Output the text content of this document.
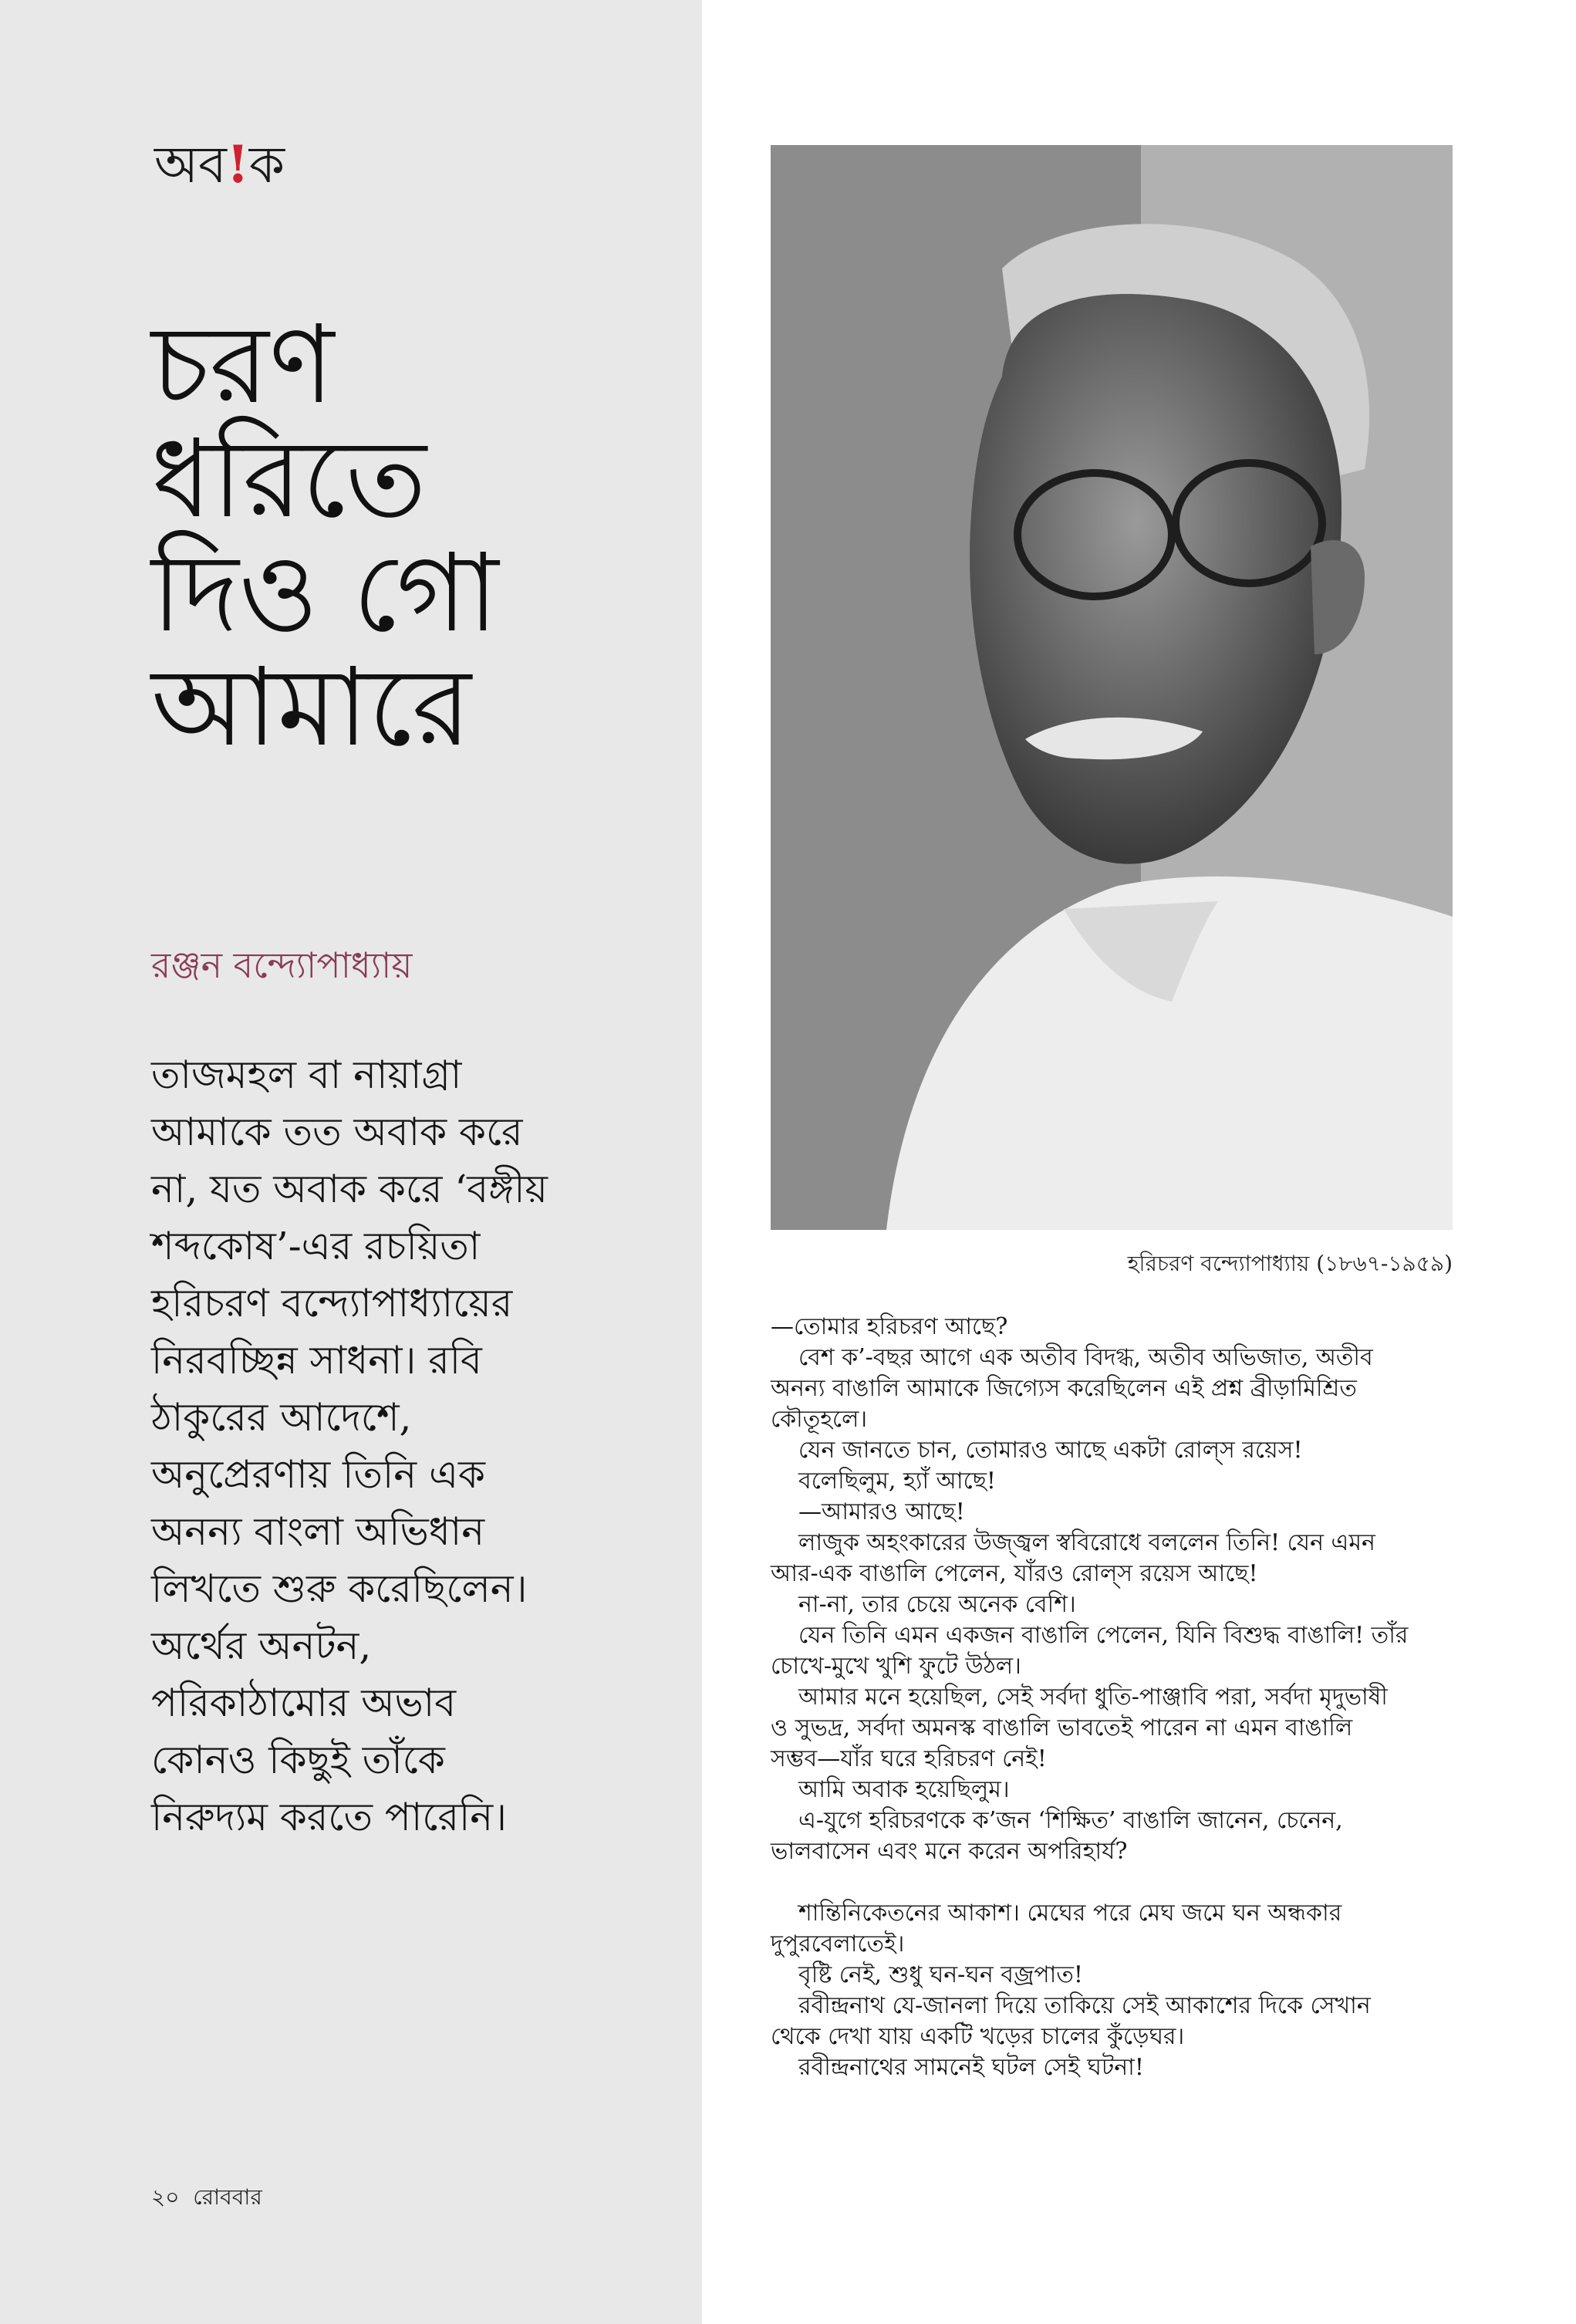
অব!ক
চরণ
ধরিতে
দিও গো
আমারে
রঞ্জন বন্দ্যোপাধ্যায়
তাজমহল বা নায়াগ্রা
আমাকে তত অবাক করে
না, যত অবাক করে ‘বঙ্গীয়
শব্দকোষ’-এর রচয়িতা
হরিচরণ বন্দ্যোপাধ্যায়ের
নিরবচ্ছিন্ন সাধনা। রবি
ঠাকুরের আদেশে,
অনুপ্রেরণায় তিনি এক
অনন্য বাংলা অভিধান
লিখতে শুরু করেছিলেন।
অর্থের অনটন,
পরিকাঠামোর অভাব
কোনও কিছুই তাঁকে
নিরুদ্যম করতে পারেনি।
২০ রোববার
হরিচরণ বন্দ্যোপাধ্যায় (১৮৬৭-১৯৫৯)

—তোমার হরিচরণ আছে?

বেশ ক’-বছর আগে এক অতীব বিদগ্ধ, অতীব অভিজাত, অতীব

অনন্য বাঙালি আমাকে জিগ্যেস করেছিলেন এই প্রশ্ন ব্রীড়ামিশ্রিত

কৌতূহলে।

যেন জানতে চান, তোমারও আছে একটা রোল্‌স রয়েস!

বলেছিলুম, হ্যাঁ আছে!

—আমারও আছে!

লাজুক অহংকারের উজ্জ্বল স্ববিরোধে বললেন তিনি! যেন এমন

আর-এক বাঙালি পেলেন, যাঁরও রোল্‌স রয়েস আছে!

না-না, তার চেয়ে অনেক বেশি।

যেন তিনি এমন একজন বাঙালি পেলেন, যিনি বিশুদ্ধ বাঙালি! তাঁর

চোখে-মুখে খুশি ফুটে উঠল।

আমার মনে হয়েছিল, সেই সর্বদা ধুতি-পাঞ্জাবি পরা, সর্বদা মৃদুভাষী

ও সুভদ্র, সর্বদা অমনস্ক বাঙালি ভাবতেই পারেন না এমন বাঙালি

সম্ভব—যাঁর ঘরে হরিচরণ নেই!

আমি অবাক হয়েছিলুম।

এ-যুগে হরিচরণকে ক’জন ‘শিক্ষিত’ বাঙালি জানেন, চেনেন,

ভালবাসেন এবং মনে করেন অপরিহার্য?

শান্তিনিকেতনের আকাশ। মেঘের পরে মেঘ জমে ঘন অন্ধকার

দুপুরবেলাতেই।

বৃষ্টি নেই, শুধু ঘন-ঘন বজ্রপাত!

রবীন্দ্রনাথ যে-জানলা দিয়ে তাকিয়ে সেই আকাশের দিকে সেখান

থেকে দেখা যায় একটি খড়ের চালের কুঁড়েঘর।

রবীন্দ্রনাথের সামনেই ঘটল সেই ঘটনা!
